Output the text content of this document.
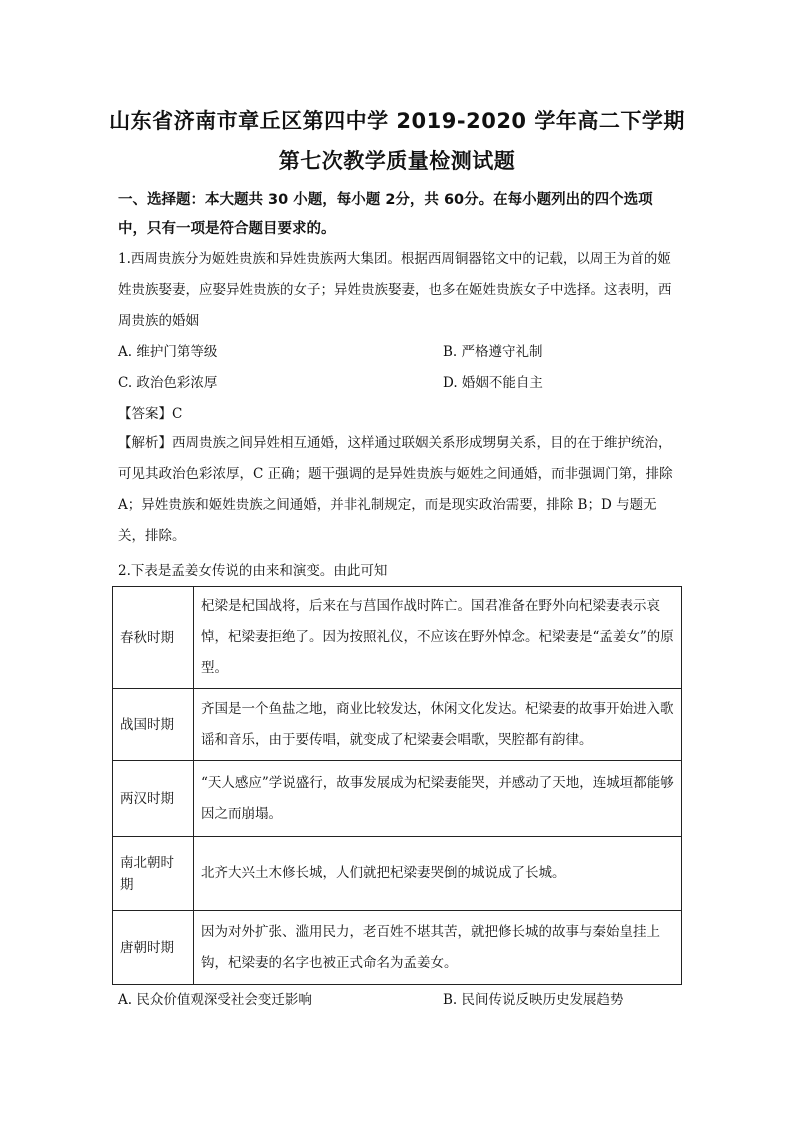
山东省济南市章丘区第四中学 2019-2020 学年高二下学期
第七次教学质量检测试题
一、选择题：本大题共 30 小题，每小题 2分，共 60分。在每小题列出的四个选项中，只有一项是符合题目要求的。
1.西周贵族分为姬姓贵族和异姓贵族两大集团。根据西周铜器铭文中的记载，以周王为首的姬姓贵族娶妻，应娶异姓贵族的女子；异姓贵族娶妻，也多在姬姓贵族女子中选择。这表明，西周贵族的婚姻
A. 维护门第等级	B. 严格遵守礼制
C. 政治色彩浓厚	D. 婚姻不能自主
【答案】C
【解析】西周贵族之间异姓相互通婚，这样通过联姻关系形成甥舅关系，目的在于维护统治，可见其政治色彩浓厚，C 正确；题干强调的是异姓贵族与姬姓之间通婚，而非强调门第，排除 A；异姓贵族和姬姓贵族之间通婚，并非礼制规定，而是现实政治需要，排除 B；D 与题无关，排除。
2.下表是孟姜女传说的由来和演变。由此可知
春秋时期	杞梁是杞国战将，后来在与莒国作战时阵亡。国君准备在野外向杞梁妻表示哀悼，杞梁妻拒绝了。因为按照礼仪，不应该在野外悼念。杞梁妻是“孟姜女”的原型。
战国时期	齐国是一个鱼盐之地，商业比较发达，休闲文化发达。杞梁妻的故事开始进入歌谣和音乐，由于要传唱，就变成了杞梁妻会唱歌，哭腔都有韵律。
两汉时期	“天人感应”学说盛行，故事发展成为杞梁妻能哭，并感动了天地，连城垣都能够因之而崩塌。
南北朝时期	北齐大兴土木修长城，人们就把杞梁妻哭倒的城说成了长城。
唐朝时期	因为对外扩张、滥用民力，老百姓不堪其苦，就把修长城的故事与秦始皇挂上钩，杞梁妻的名字也被正式命名为孟姜女。
A. 民众价值观深受社会变迁影响	B. 民间传说反映历史发展趋势
